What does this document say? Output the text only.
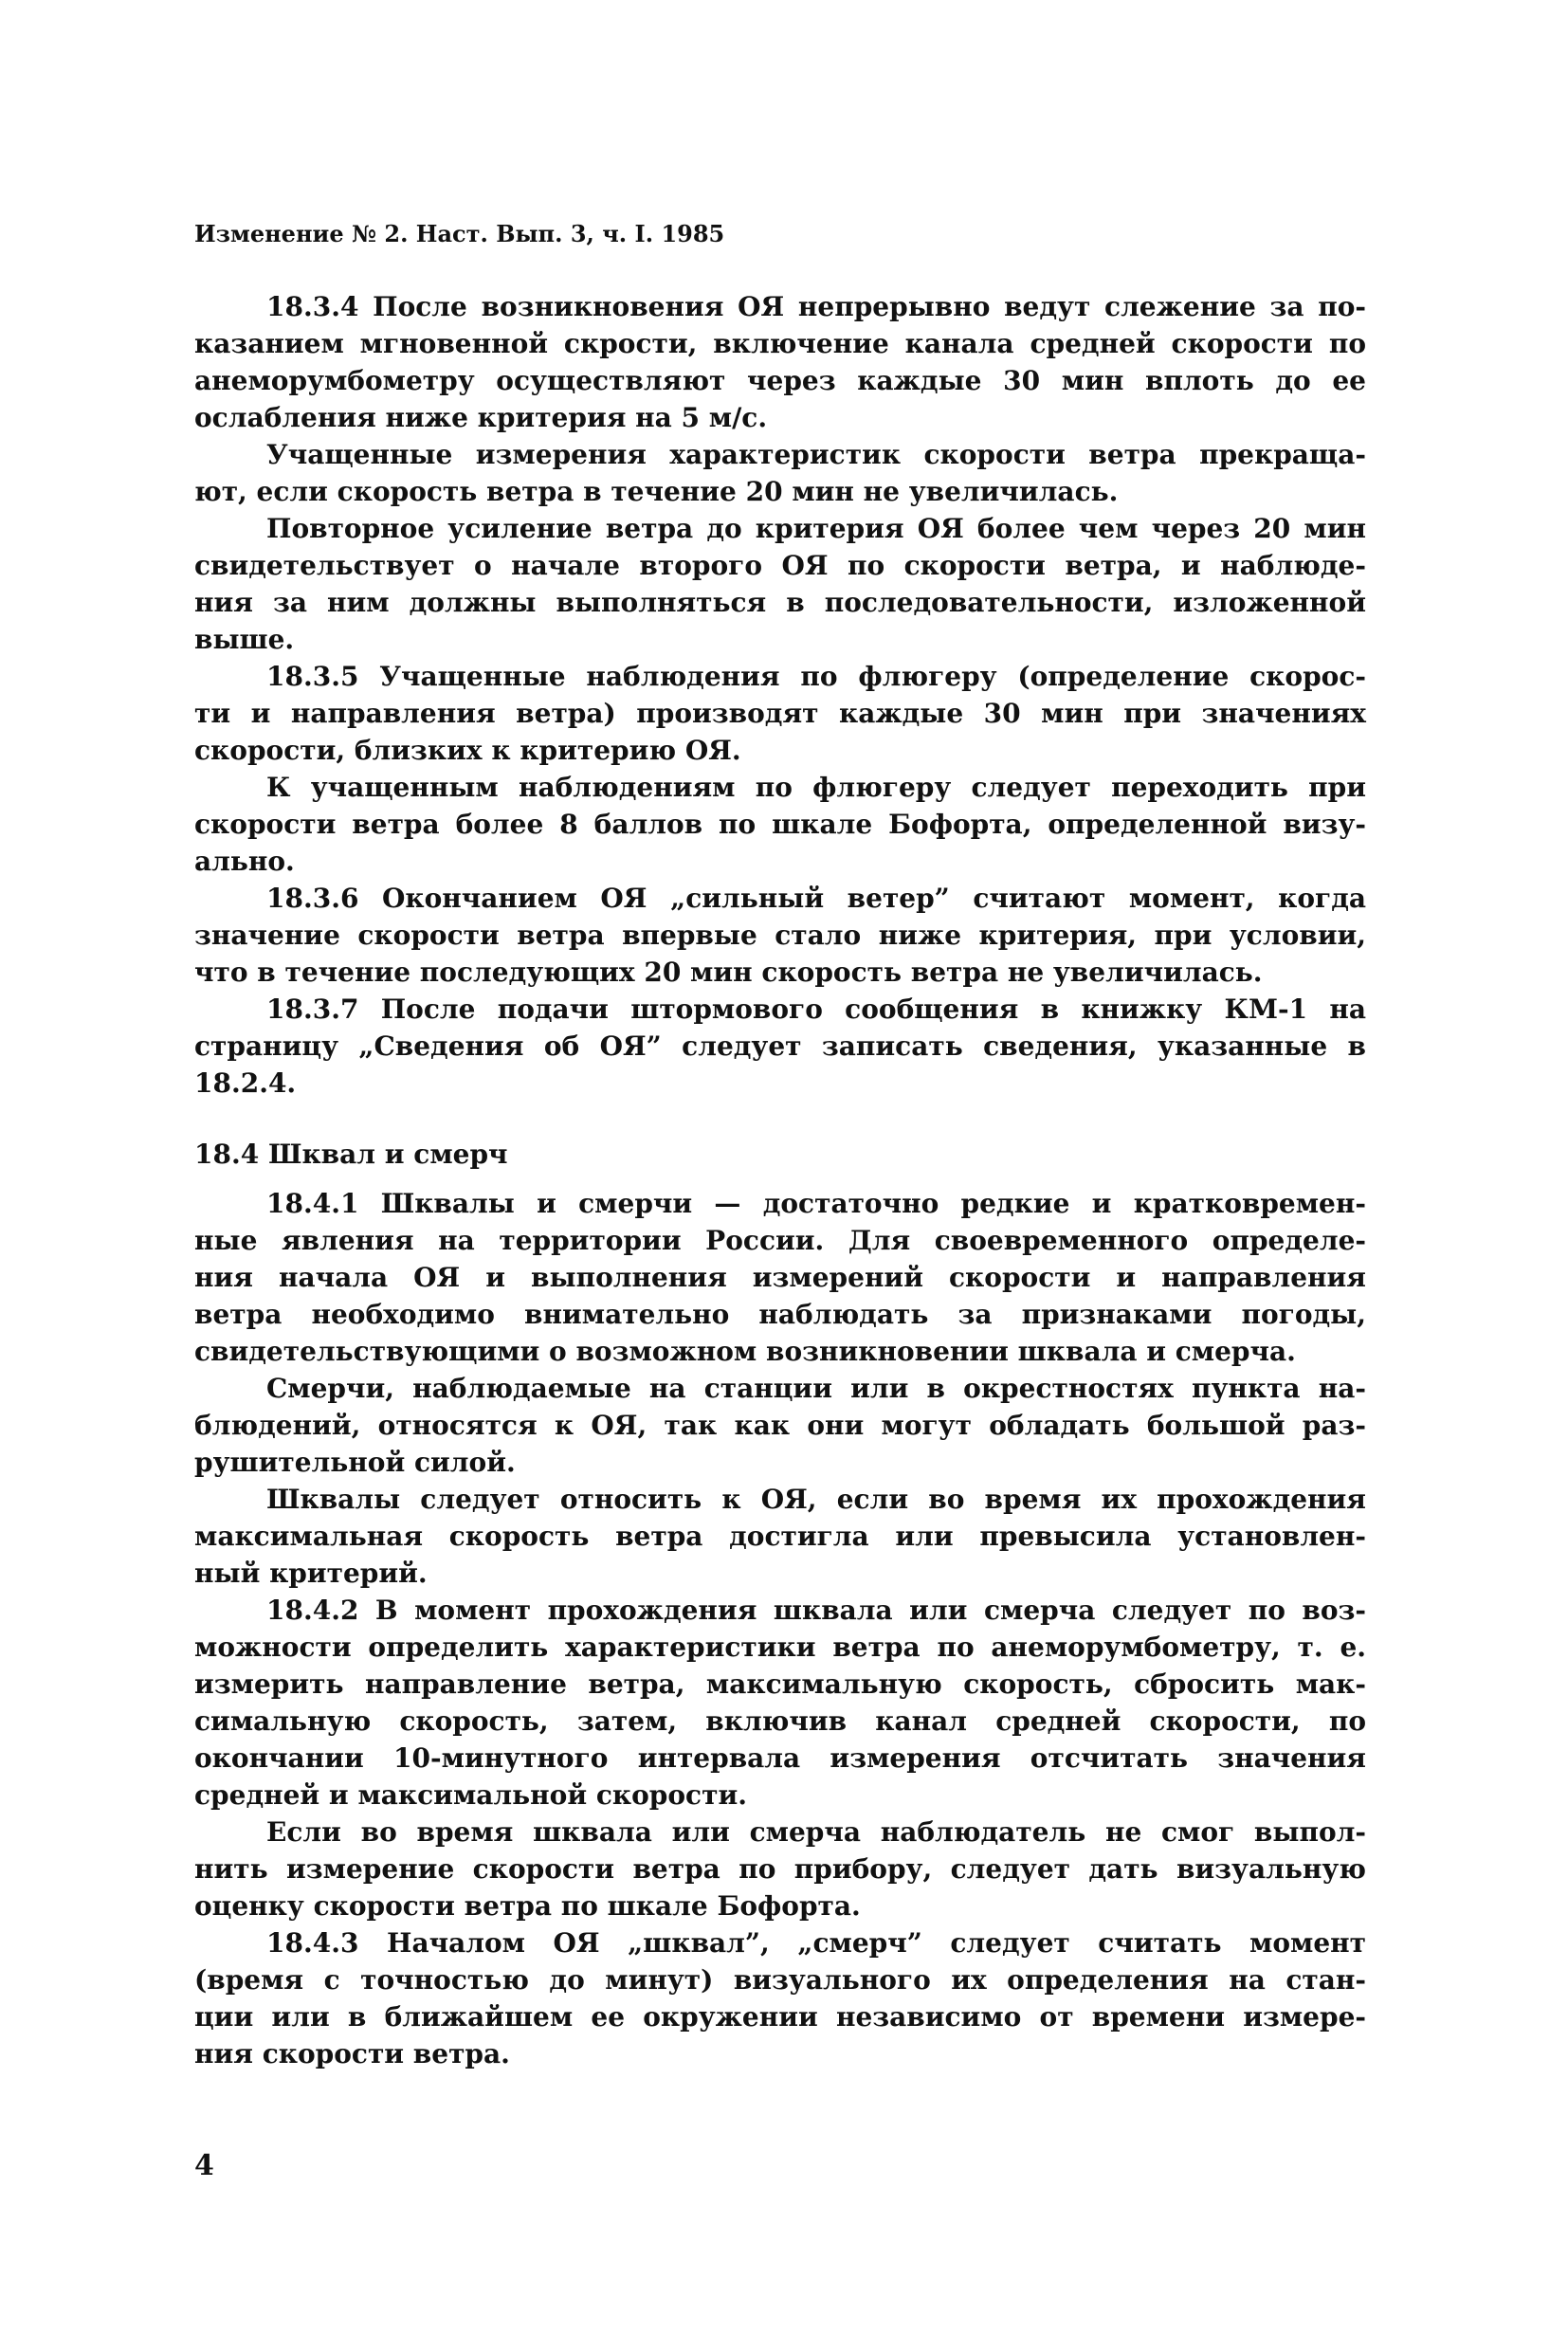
Изменение № 2. Наст. Вып. 3, ч. I. 1985
18.3.4 После возникновения ОЯ непрерывно ведут слежение за по-
казанием мгновенной скрости, включение канала средней скорости по
анеморумбометру осуществляют через каждые 30 мин вплоть до ее
ослабления ниже критерия на 5 м/с.
Учащенные измерения характеристик скорости ветра прекраща-
ют, если скорость ветра в течение 20 мин не увеличилась.
Повторное усиление ветра до критерия ОЯ более чем через 20 мин
свидетельствует о начале второго ОЯ по скорости ветра, и наблюде-
ния за ним должны выполняться в последовательности, изложенной
выше.
18.3.5 Учащенные наблюдения по флюгеру (определение скорос-
ти и направления ветра) производят каждые 30 мин при значениях
скорости, близких к критерию ОЯ.
К учащенным наблюдениям по флюгеру следует переходить при
скорости ветра более 8 баллов по шкале Бофорта, определенной визу-
ально.
18.3.6 Окончанием ОЯ „сильный ветер” считают момент, когда
значение скорости ветра впервые стало ниже критерия, при условии,
что в течение последующих 20 мин скорость ветра не увеличилась.
18.3.7 После подачи штормового сообщения в книжку КМ-1 на
страницу „Сведения об ОЯ” следует записать сведения, указанные в
18.2.4.
18.4 Шквал и смерч
18.4.1 Шквалы и смерчи — достаточно редкие и кратковремен-
ные явления на территории России. Для своевременного определе-
ния начала ОЯ и выполнения измерений скорости и направления
ветра необходимо внимательно наблюдать за признаками погоды,
свидетельствующими о возможном возникновении шквала и смерча.
Смерчи, наблюдаемые на станции или в окрестностях пункта на-
блюдений, относятся к ОЯ, так как они могут обладать большой раз-
рушительной силой.
Шквалы следует относить к ОЯ, если во время их прохождения
максимальная скорость ветра достигла или превысила установлен-
ный критерий.
18.4.2 В момент прохождения шквала или смерча следует по воз-
можности определить характеристики ветра по анеморумбометру, т. е.
измерить направление ветра, максимальную скорость, сбросить мак-
симальную скорость, затем, включив канал средней скорости, по
окончании 10-минутного интервала измерения отсчитать значения
средней и максимальной скорости.
Если во время шквала или смерча наблюдатель не смог выпол-
нить измерение скорости ветра по прибору, следует дать визуальную
оценку скорости ветра по шкале Бофорта.
18.4.3 Началом ОЯ „шквал”, „смерч” следует считать момент
(время с точностью до минут) визуального их определения на стан-
ции или в ближайшем ее окружении независимо от времени измере-
ния скорости ветра.
4
